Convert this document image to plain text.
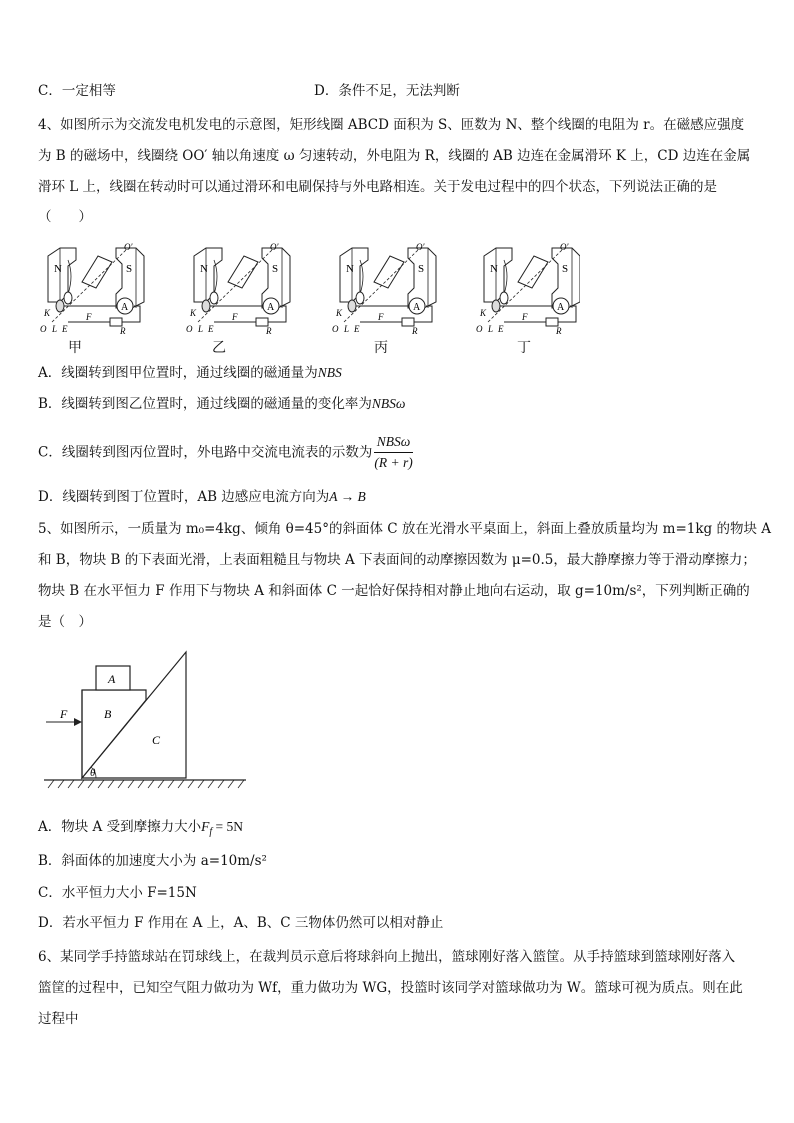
C．一定相等	D．条件不足，无法判断
4、如图所示为交流发电机发电的示意图，矩形线圈 ABCD 面积为 S、匝数为 N、整个线圈的电阻为 r。在磁感应强度
为 B 的磁场中，线圈绕 OO′ 轴以角速度 ω 匀速转动，外电阻为 R，线圈的 AB 边连在金属滑环 K 上，CD 边连在金属
滑环 L 上，线圈在转动时可以通过滑环和电刷保持与外电路相连。关于发电过程中的四个状态，下列说法正确的是
（　　）
甲	乙	丙	丁
A．线圈转到图甲位置时，通过线圈的磁通量为NBS
B．线圈转到图乙位置时，通过线圈的磁通量的变化率为NBSω
C．线圈转到图丙位置时，外电路中交流电流表的示数为 $\frac{\text{NBSω}}{(R + r)}$
D．线圈转到图丁位置时，AB 边感应电流方向为A → B
5、如图所示，一质量为 m₀=4kg、倾角 θ=45°的斜面体 C 放在光滑水平桌面上，斜面上叠放质量均为 m=1kg 的物块 A
和 B，物块 B 的下表面光滑，上表面粗糙且与物块 A 下表面间的动摩擦因数为 μ=0.5，最大静摩擦力等于滑动摩擦力；
物块 B 在水平恒力 F 作用下与物块 A 和斜面体 C 一起恰好保持相对静止地向右运动，取 g=10m/s²，下列判断正确的
是（　）
A
B
C
F
θ
A．物块 A 受到摩擦力大小$F_f = 5N$
B．斜面体的加速度大小为 a=10m/s²
C．水平恒力大小 F=15N
D．若水平恒力 F 作用在 A 上，A、B、C 三物体仍然可以相对静止
6、某同学手持篮球站在罚球线上，在裁判员示意后将球斜向上抛出，篮球刚好落入篮筐。从手持篮球到篮球刚好落入
篮筐的过程中，已知空气阻力做功为 Wf，重力做功为 WG，投篮时该同学对篮球做功为 W。篮球可视为质点。则在此
过程中
